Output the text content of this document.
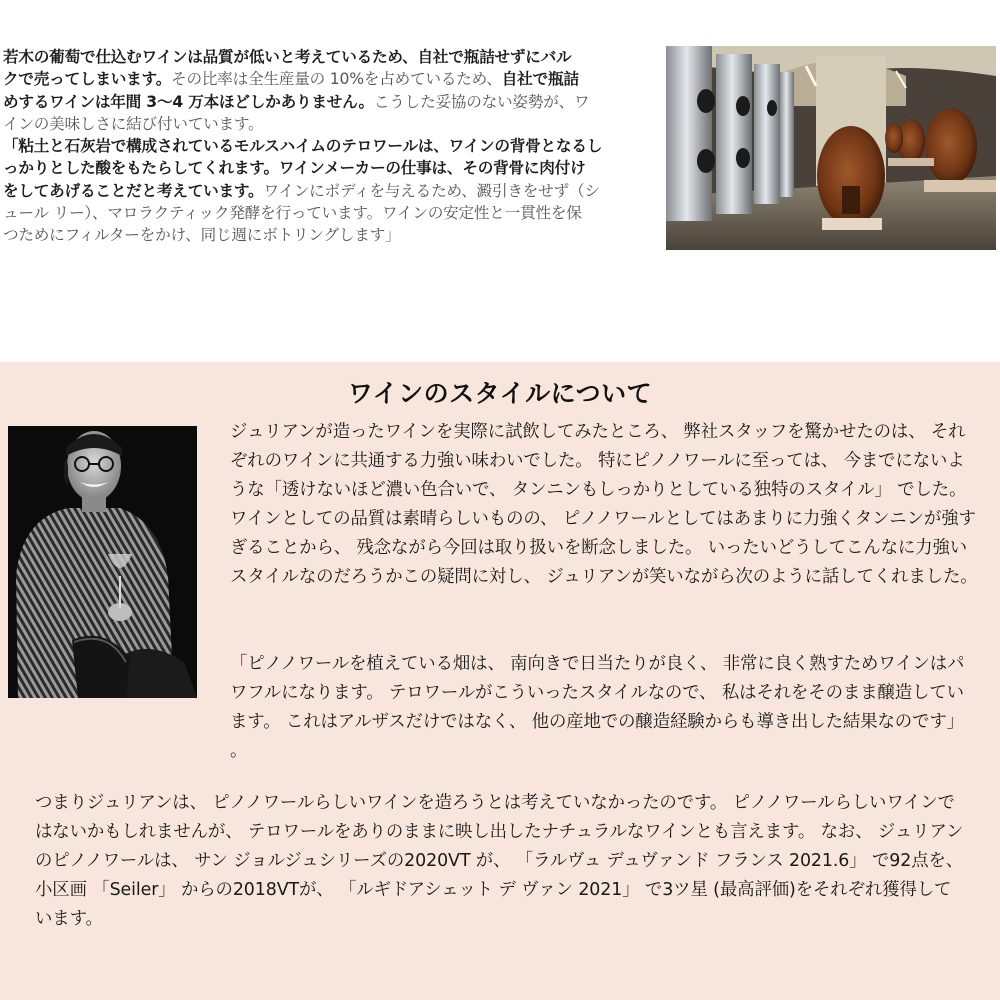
若木の葡萄で仕込むワインは品質が低いと考えているため、自社で瓶詰せずにバル

クで売ってしまいます。その比率は全生産量の 10%を占めているため、自社で瓶詰

めするワインは年間 3～4 万本ほどしかありません。こうした妥協のない姿勢が、ワ

インの美味しさに結び付いています。

「粘土と石灰岩で構成されているモルスハイムのテロワールは、ワインの背骨となるし

っかりとした酸をもたらしてくれます。ワインメーカーの仕事は、その背骨に肉付け

をしてあげることだと考えています。ワインにボディを与えるため、澱引きをせず（シ

ュール リー）、マロラクティック発酵を行っています。ワインの安定性と一貫性を保

つためにフィルターをかけ、同じ週にボトリングします」

ワインのスタイルについて

ジュリアンが造ったワインを実際に試飲してみたところ、 弊社スタッフを驚かせたのは、 それぞれのワインに共通する力強い味わいでした。 特にピノノワールに至っては、 今までにないような「透けないほど濃い色合いで、 タンニンもしっかりとしている独特のスタイル」 でした。 ワインとしての品質は素晴らしいものの、 ピノノワールとしてはあまりに力強くタンニンが強すぎることから、 残念ながら今回は取り扱いを断念しました。 いったいどうしてこんなに力強いスタイルなのだろうかこの疑問に対し、 ジュリアンが笑いながら次のように話してくれました。

「ピノノワールを植えている畑は、 南向きで日当たりが良く、 非常に良く熟すためワインはパワフルになります。 テロワールがこういったスタイルなので、 私はそれをそのまま醸造しています。 これはアルザスだけではなく、 他の産地での醸造経験からも導き出した結果なのです」 。

つまりジュリアンは、 ピノノワールらしいワインを造ろうとは考えていなかったのです。 ピノノワールらしいワインではないかもしれませんが、 テロワールをありのままに映し出したナチュラルなワインとも言えます。 なお、 ジュリアンのピノノワールは、 サン ジョルジュシリーズの2020VT が、 「ラルヴュ デュヴァンド フランス 2021.6」 で92点を、 小区画 「Seiler」 からの2018VTが、 「ルギドアシェット デ ヴァン 2021」 で3ツ星 (最高評価)をそれぞれ獲得しています。
